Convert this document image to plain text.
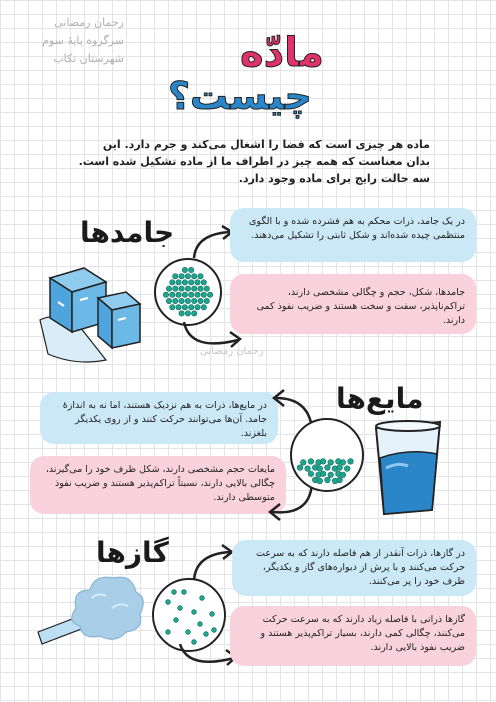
رحمان رمضانی
سرگروه پایهٔ سوم
شهرستان تکاب	مادّه
چیست؟
ماده هر چیزی است که فضا را اشغال می‌کند و جرم دارد. این
بدان معناست که همه چیز در اطراف ما از ماده تشکیل شده است.
سه حالت رایج برای ماده وجود دارد.
جامدها	در یک جامد، ذرات محکم به هم فشرده شده و با الگوی منتظمی چیده شده‌اند و شکل ثابتی را تشکیل می‌دهند.
جامدها، شکل، حجم و چگالی مشخصی دارند، تراکم‌ناپذیر، سفت و سخت هستند و ضریب نفوذ کمی دارند.
رحمان رمضانی
مایع‌ها
در مایع‌ها، ذرات به هم نزدیک هستند، اما نه به اندازهٔ جامد. آن‌ها می‌توانند حرکت کنند و از روی یکدیگر بلغزند.
مایعات حجم مشخصی دارند، شکل ظرف خود را می‌گیرند، چگالی بالایی دارند، نسبتاً تراکم‌پذیر هستند و ضریب نفوذ متوسطی دارند.
گازها	در گازها، ذرات آنقدر از هم فاصله دارند که به سرعت حرکت می‌کنند و با پرش از دیواره‌های گاز و یکدیگر، ظرف خود را پر می‌کنند.
گازها ذراتی با فاصله زیاد دارند که به سرعت حرکت می‌کنند، چگالی کمی دارند، بسیار تراکم‌پذیر هستند و ضریب نفوذ بالایی دارند.
